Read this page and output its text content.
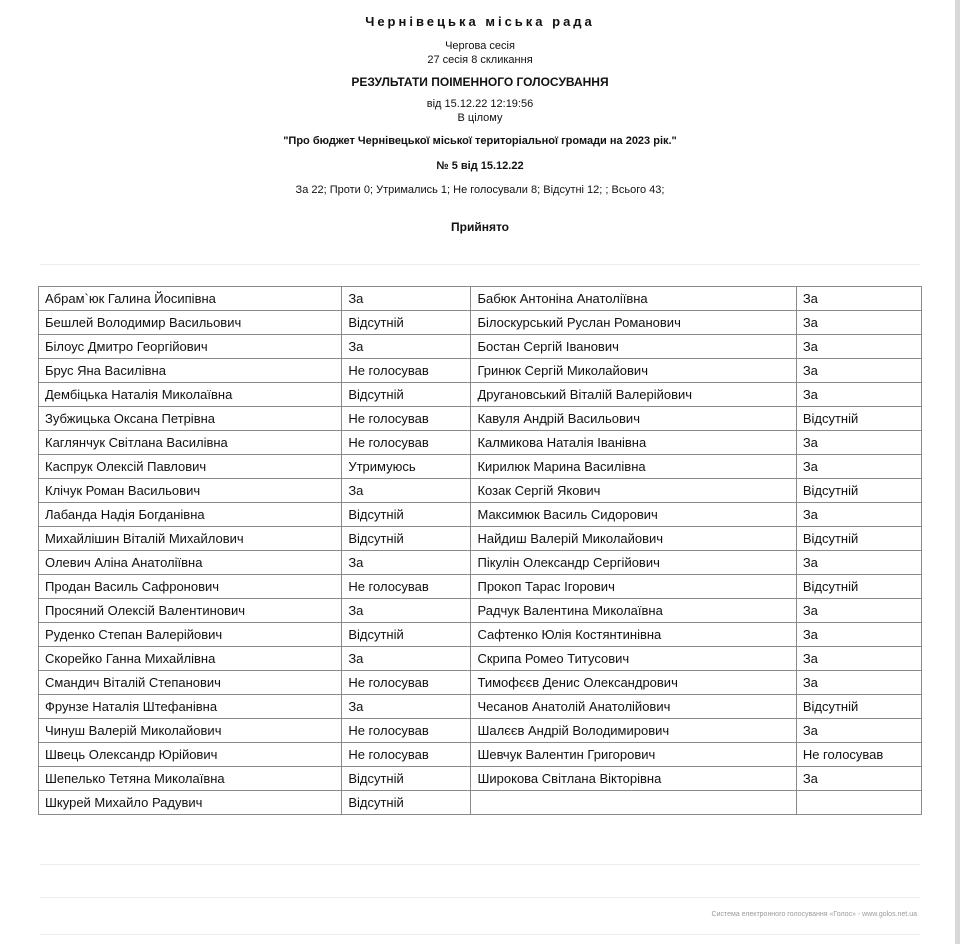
Чернівецька міська рада
Чергова сесія
27 сесія 8 скликання
РЕЗУЛЬТАТИ ПОІМЕННОГО ГОЛОСУВАННЯ
від 15.12.22 12:19:56
В цілому
"Про бюджет Чернівецької міської територіальної громади на 2023 рік."
№ 5 від 15.12.22
За 22; Проти 0; Утримались 1; Не голосували 8; Відсутні 12; ; Всього 43;
Прийнято
Абрам`юк Галина Йосипівна	За	Бабюк Антоніна Анатоліївна	За
Бешлей Володимир Васильович	Відсутній	Білоскурський Руслан Романович	За
Білоус Дмитро Георгійович	За	Бостан Сергій Іванович	За
Брус Яна Василівна	Не голосував	Гринюк Сергій Миколайович	За
Дембіцька Наталія Миколаївна	Відсутній	Другановський Віталій Валерійович	За
Зубжицька Оксана Петрівна	Не голосував	Кавуля Андрій Васильович	Відсутній
Каглянчук Світлана Василівна	Не голосував	Калмикова Наталія Іванівна	За
Каспрук Олексій Павлович	Утримуюсь	Кирилюк Марина Василівна	За
Клічук Роман Васильович	За	Козак Сергій Якович	Відсутній
Лабанда Надія Богданівна	Відсутній	Максимюк Василь Сидорович	За
Михайлішин Віталій Михайлович	Відсутній	Найдиш Валерій Миколайович	Відсутній
Олевич Аліна Анатоліївна	За	Пікулін Олександр Сергійович	За
Продан Василь Сафронович	Не голосував	Прокоп Тарас Ігорович	Відсутній
Просяний Олексій Валентинович	За	Радчук Валентина Миколаївна	За
Руденко Степан Валерійович	Відсутній	Сафтенко Юлія Костянтинівна	За
Скорейко Ганна Михайлівна	За	Скрипа Ромео Титусович	За
Смандич Віталій Степанович	Не голосував	Тимофєєв Денис Олександрович	За
Фрунзе Наталія Штефанівна	За	Чесанов Анатолій Анатолійович	Відсутній
Чинуш Валерій Миколайович	Не голосував	Шалєєв Андрій Володимирович	За
Швець Олександр Юрійович	Не голосував	Шевчук Валентин Григорович	Не голосував
Шепелько Тетяна Миколаївна	Відсутній	Широкова Світлана Вікторівна	За
Шкурей Михайло Радувич	Відсутній		
Система електронного голосування «Голос» - www.golos.net.ua
